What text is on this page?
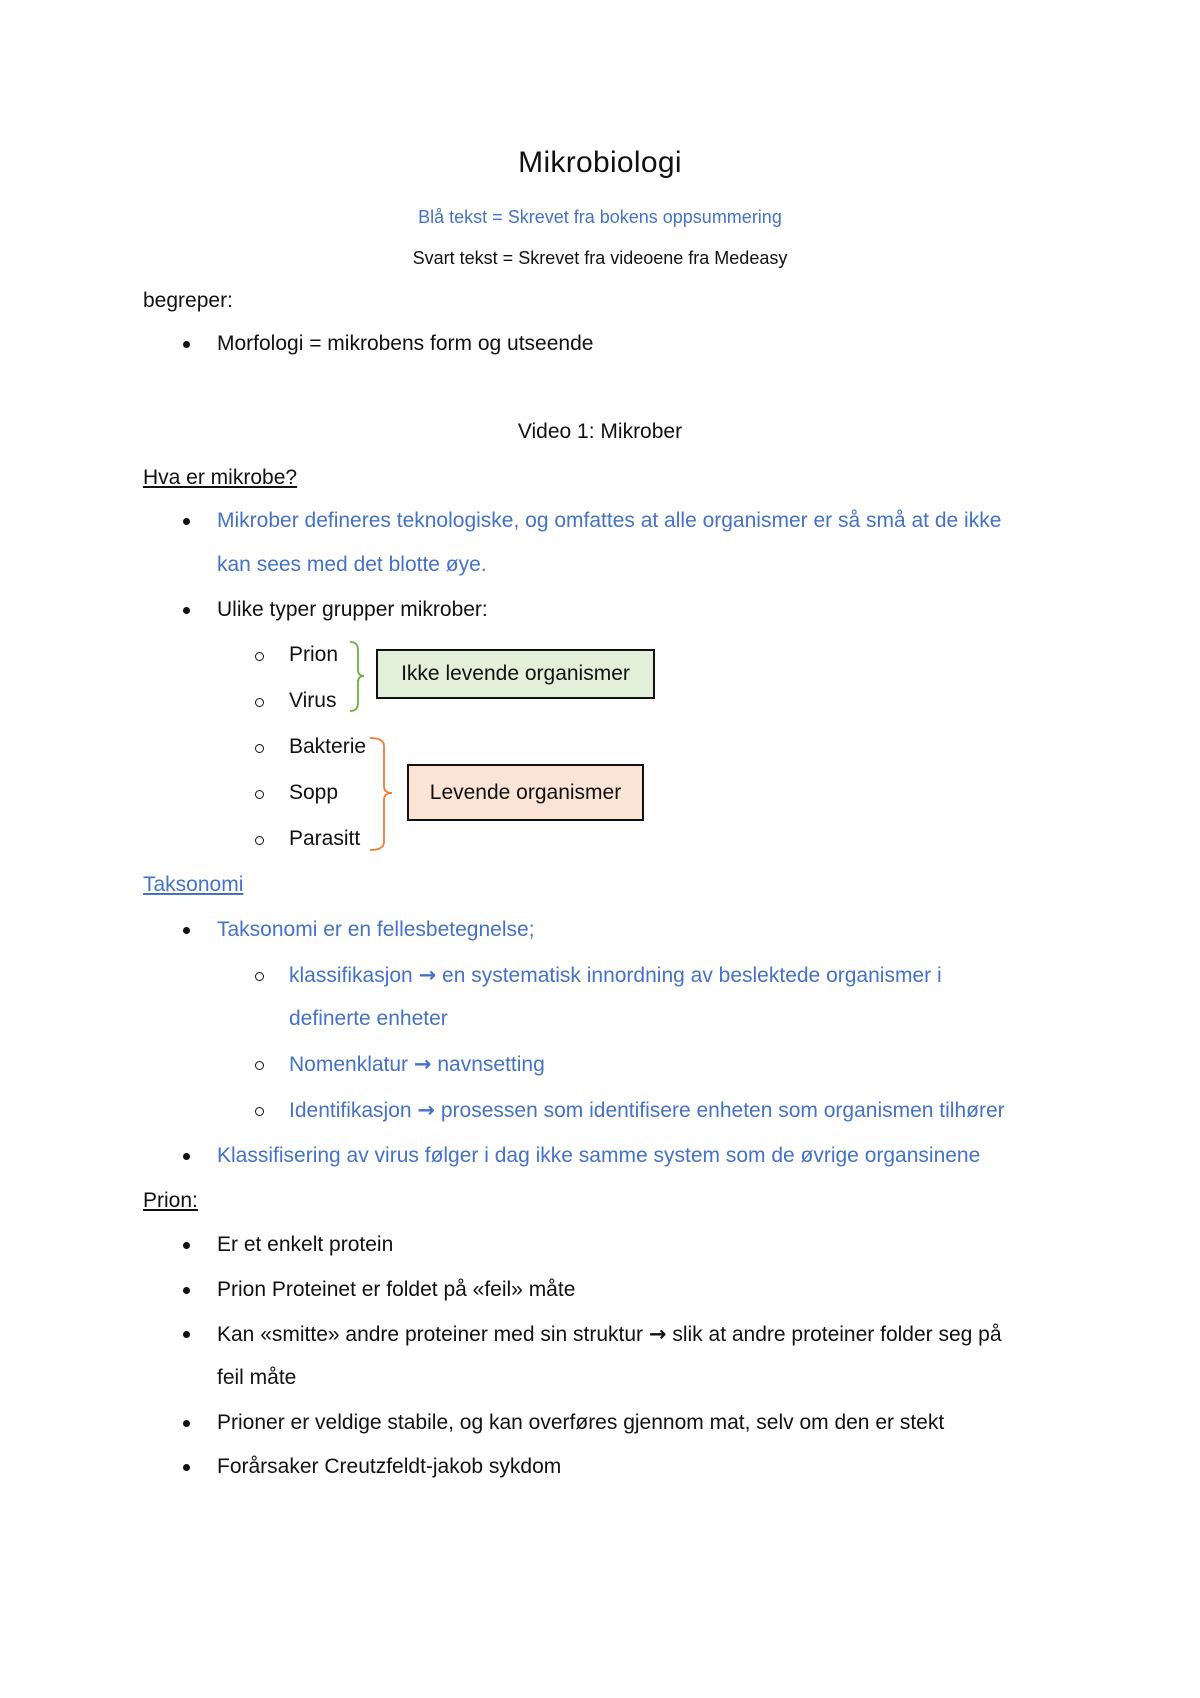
Mikrobiologi
Blå tekst = Skrevet fra bokens oppsummering
Svart tekst = Skrevet fra videoene fra Medeasy
begreper:
Morfologi = mikrobens form og utseende
Video 1: Mikrober
Hva er mikrobe?
Mikrober defineres teknologiske, og omfattes at alle organismer er så små at de ikke
kan sees med det blotte øye.
Ulike typer grupper mikrober:
Prion
Virus
Bakterie
Sopp
Parasitt
Ikke levende organismer
Levende organismer
Taksonomi
Taksonomi er en fellesbetegnelse;
klassifikasjon → en systematisk innordning av beslektede organismer i
definerte enheter
Nomenklatur → navnsetting
Identifikasjon → prosessen som identifisere enheten som organismen tilhører
Klassifisering av virus følger i dag ikke samme system som de øvrige organsinene
Prion:
Er et enkelt protein
Prion Proteinet er foldet på «feil» måte
Kan «smitte» andre proteiner med sin struktur → slik at andre proteiner folder seg på
feil måte
Prioner er veldige stabile, og kan overføres gjennom mat, selv om den er stekt
Forårsaker Creutzfeldt-jakob sykdom
